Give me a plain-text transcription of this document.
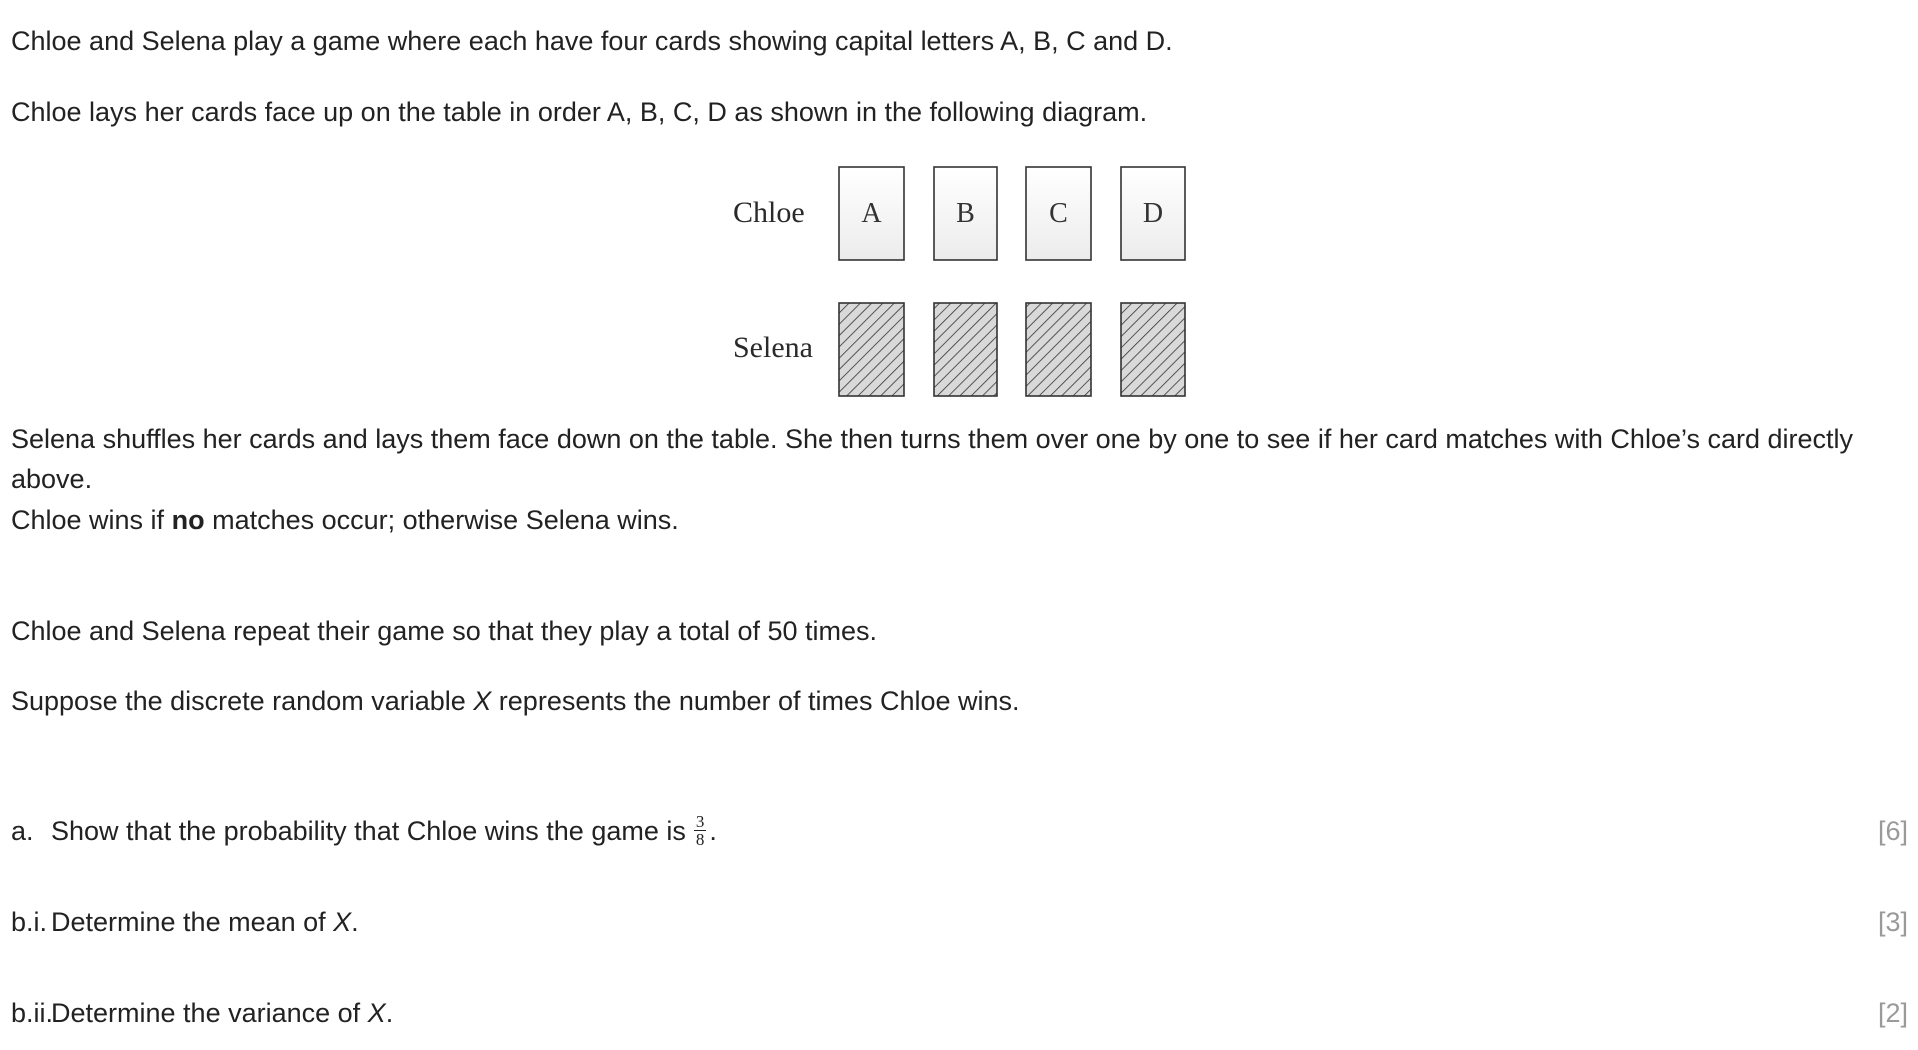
Chloe and Selena play a game where each have four cards showing capital letters A, B, C and D.

Chloe lays her cards face up on the table in order A, B, C, D as shown in the following diagram.

Chloe A	B	C	D
Selena

Selena shuffles her cards and lays them face down on the table. She then turns them over one by one to see if her card matches with Chloe’s card directly above.

Chloe wins if no matches occur; otherwise Selena wins.

Chloe and Selena repeat their game so that they play a total of 50 times.

Suppose the discrete random variable X represents the number of times Chloe wins.

a. Show that the probability that Chloe wins the game is $\frac{3}{8}$ .	[6]
b.i. Determine the mean of X.	[3]
b.ii.
Determine the variance of X.	[2]
